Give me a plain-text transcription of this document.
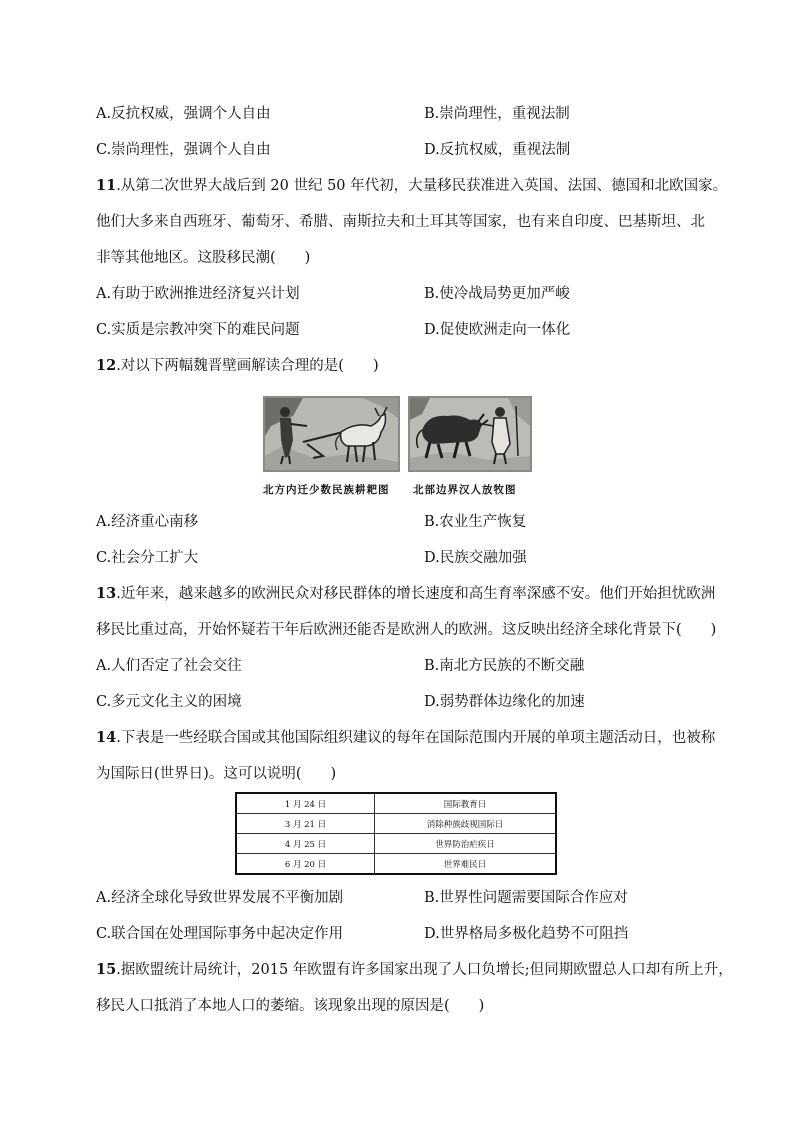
A.反抗权威，强调个人自由	B.崇尚理性，重视法制
C.崇尚理性，强调个人自由	D.反抗权威，重视法制
11.从第二次世界大战后到 20 世纪 50 年代初，大量移民获准进入英国、法国、德国和北欧国家。
他们大多来自西班牙、葡萄牙、希腊、南斯拉夫和土耳其等国家，也有来自印度、巴基斯坦、北
非等其他地区。这股移民潮(　　)
A.有助于欧洲推进经济复兴计划	B.使冷战局势更加严峻
C.实质是宗教冲突下的难民问题	D.促使欧洲走向一体化
12.对以下两幅魏晋壁画解读合理的是(　　)
北方内迁少数民族耕耙图 北部边界汉人放牧图
A.经济重心南移	B.农业生产恢复
C.社会分工扩大	D.民族交融加强
13.近年来，越来越多的欧洲民众对移民群体的增长速度和高生育率深感不安。他们开始担忧欧洲
移民比重过高，开始怀疑若干年后欧洲还能否是欧洲人的欧洲。这反映出经济全球化背景下(　　)
A.人们否定了社会交往	B.南北方民族的不断交融
C.多元文化主义的困境	D.弱势群体边缘化的加速
14.下表是一些经联合国或其他国际组织建议的每年在国际范围内开展的单项主题活动日，也被称
为国际日(世界日)。这可以说明(　　)
1 月 24 日	国际教育日
3 月 21 日	消除种族歧视国际日
4 月 25 日	世界防治疟疾日
6 月 20 日	世界难民日
A.经济全球化导致世界发展不平衡加剧	B.世界性问题需要国际合作应对
C.联合国在处理国际事务中起决定作用	D.世界格局多极化趋势不可阻挡
15.据欧盟统计局统计，2015 年欧盟有许多国家出现了人口负增长;但同期欧盟总人口却有所上升，
移民人口抵消了本地人口的萎缩。该现象出现的原因是(　　)
